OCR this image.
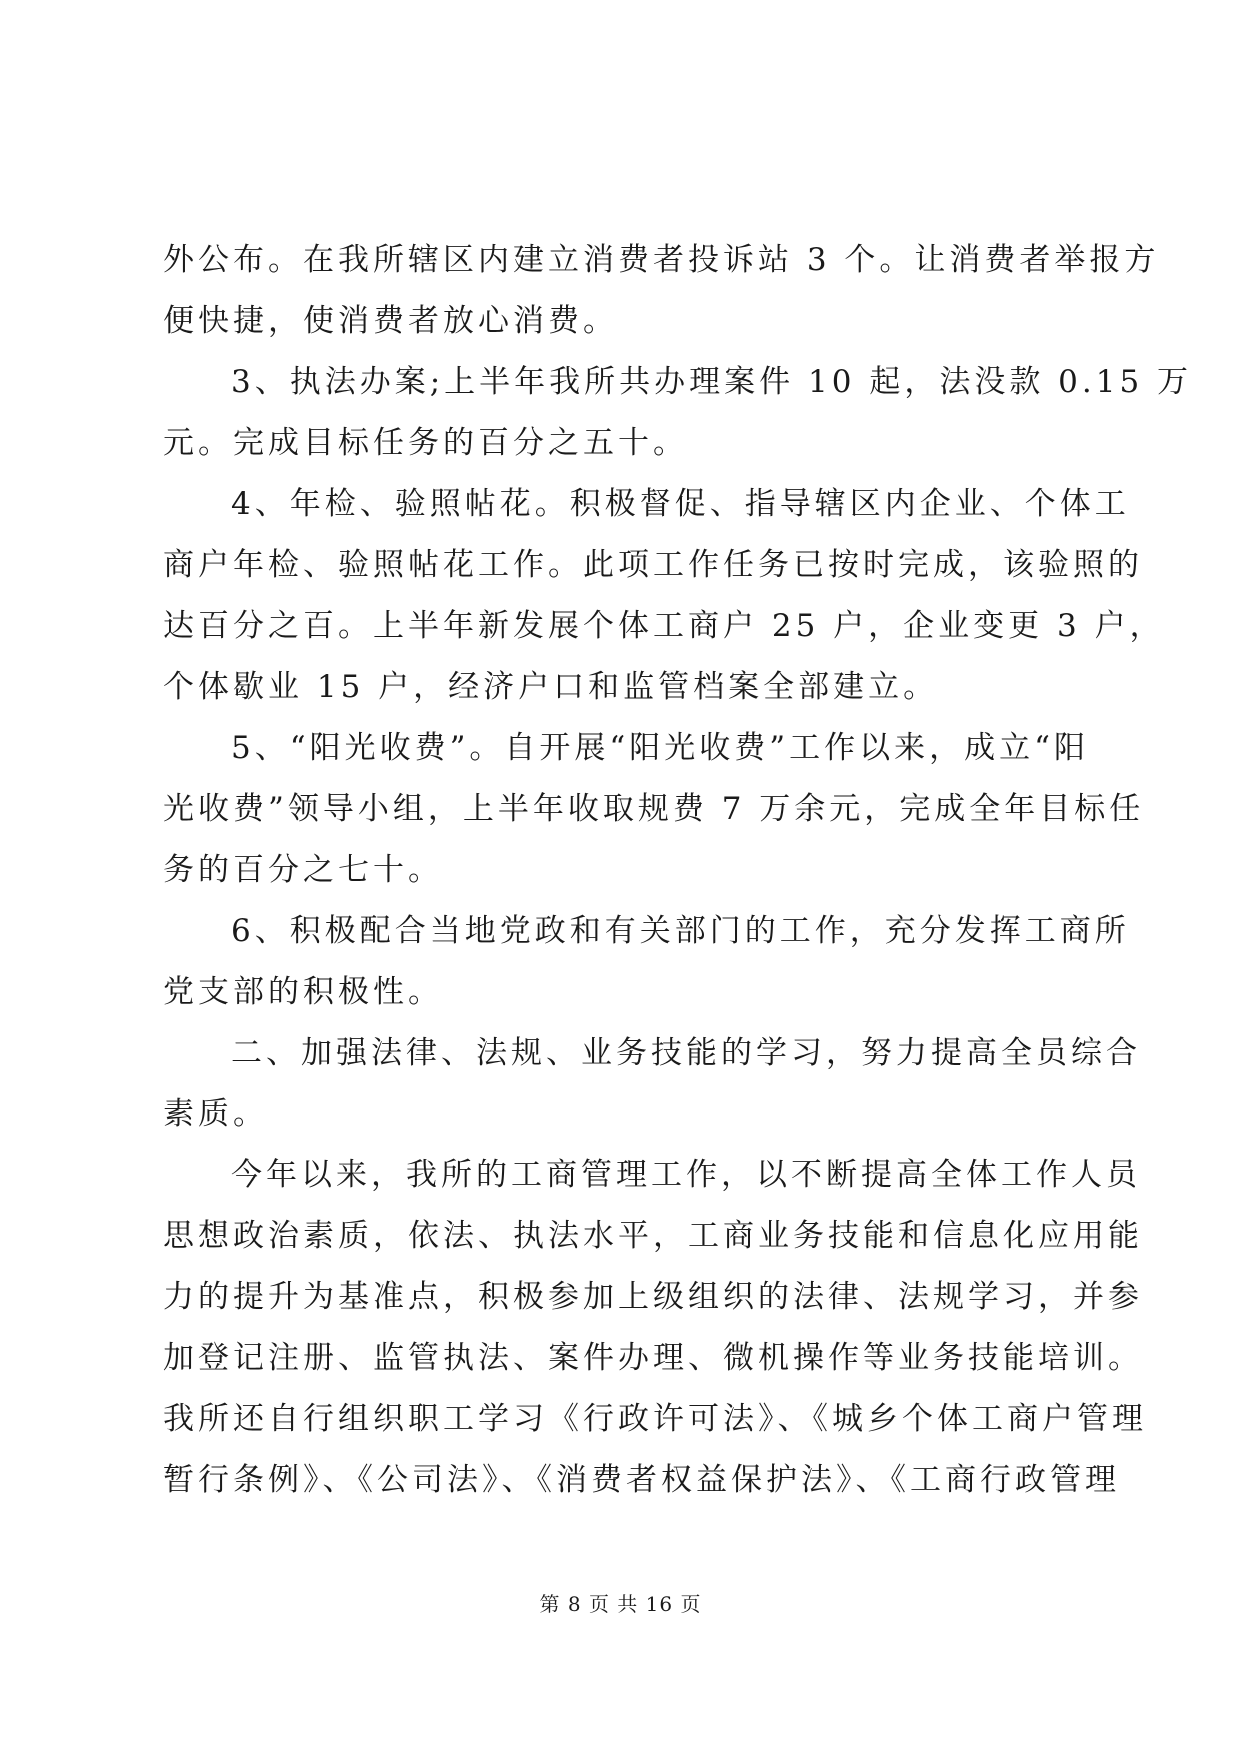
外公布。在我所辖区内建立消费者投诉站 3 个。让消费者举报方
便快捷，使消费者放心消费。
3、执法办案;上半年我所共办理案件 10 起，法没款 0.15 万
元。完成目标任务的百分之五十。
4、年检、验照帖花。积极督促、指导辖区内企业、个体工
商户年检、验照帖花工作。此项工作任务已按时完成，该验照的
达百分之百。上半年新发展个体工商户 25 户，企业变更 3 户，
个体歇业 15 户，经济户口和监管档案全部建立。
5、“阳光收费”。自开展“阳光收费”工作以来，成立“阳
光收费”领导小组，上半年收取规费 7 万余元，完成全年目标任
务的百分之七十。
6、积极配合当地党政和有关部门的工作，充分发挥工商所
党支部的积极性。
二、加强法律、法规、业务技能的学习，努力提高全员综合
素质。
今年以来，我所的工商管理工作，以不断提高全体工作人员
思想政治素质，依法、执法水平，工商业务技能和信息化应用能
力的提升为基准点，积极参加上级组织的法律、法规学习，并参
加登记注册、监管执法、案件办理、微机操作等业务技能培训。
我所还自行组织职工学习《行政许可法》、《城乡个体工商户管理
暂行条例》、《公司法》、《消费者权益保护法》、《工商行政管理
第 8 页 共 16 页
